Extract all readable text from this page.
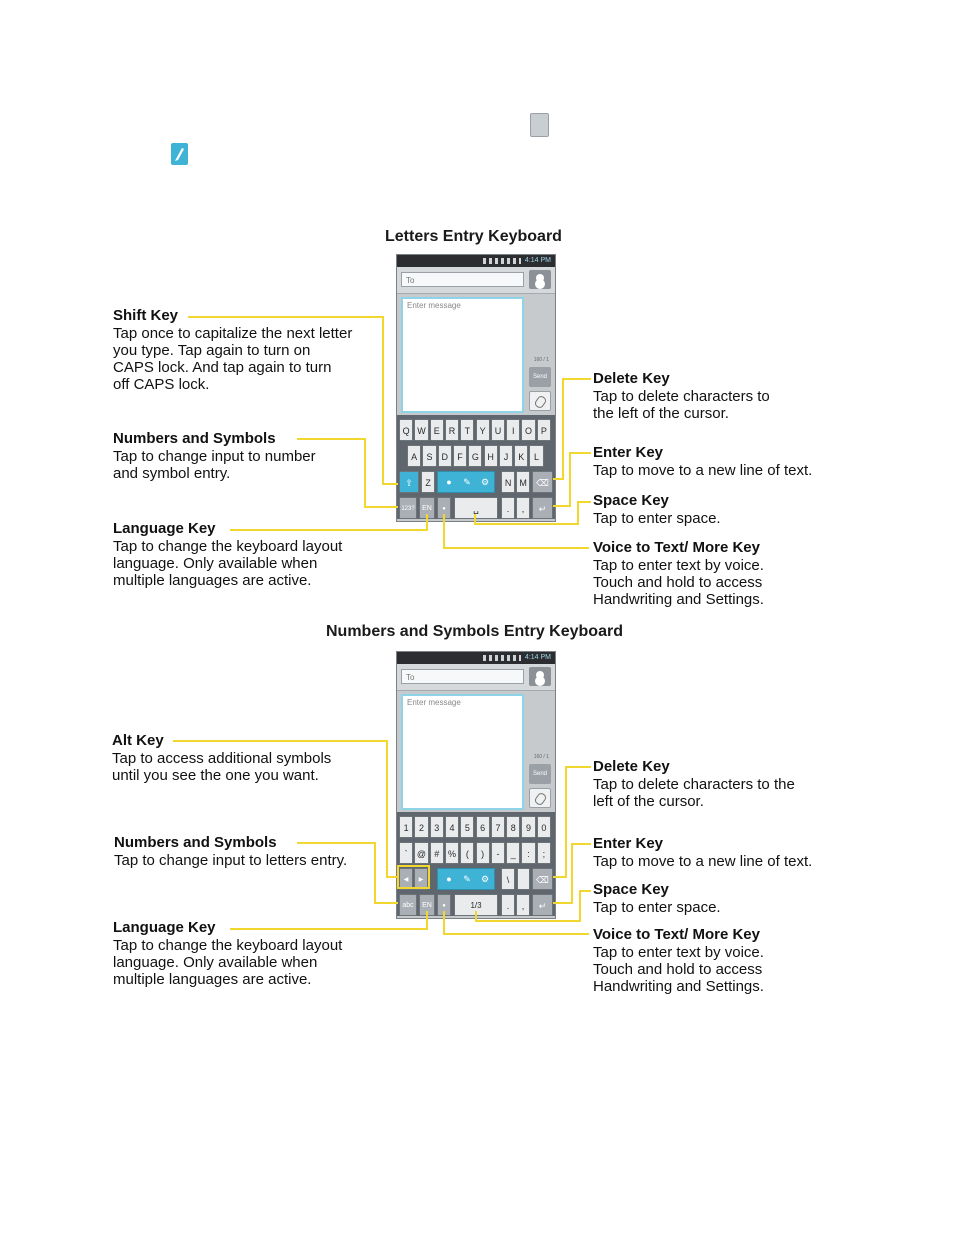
Letters Entry Keyboard
4:14 PM
To
Enter message
160 / 1
Send
Q W E	R	T	Y	U	I	O P
A	S	D	F	G H	J	K	L
⇧	Z	●	✎	⚙	N M	⌫
123?	EN	●	␣	.	,	↵
Shift Key
Tap once to capitalize the next letter
you type. Tap again to turn on
CAPS lock. And tap again to turn
off CAPS lock.
Numbers and Symbols
Tap to change input to number
and symbol entry.
Language Key
Tap to change the keyboard layout
language. Only available when
multiple languages are active.
Delete Key
Tap to delete characters to
the left of the cursor.
Enter Key
Tap to move to a new line of text.
Space Key
Tap to enter space.
Voice to Text/ More Key
Tap to enter text by voice.
Touch and hold to access
Handwriting and Settings.
Numbers and Symbols Entry Keyboard
4:14 PM
To
Enter message
160 / 1
Send
1	2	3	4	5	6	7	8	9	0
`	@ # %	(	)	-	_	:	;
◀	▶	●	✎	⚙	\	⌫
abc	EN	●	1/3	.	,	↵
Alt Key
Tap to access additional symbols
until you see the one you want.
Numbers and Symbols
Tap to change input to letters entry.
Language Key
Tap to change the keyboard layout
language. Only available when
multiple languages are active.
Delete Key
Tap to delete characters to the
left of the cursor.
Enter Key
Tap to move to a new line of text.
Space Key
Tap to enter space.
Voice to Text/ More Key
Tap to enter text by voice.
Touch and hold to access
Handwriting and Settings.
